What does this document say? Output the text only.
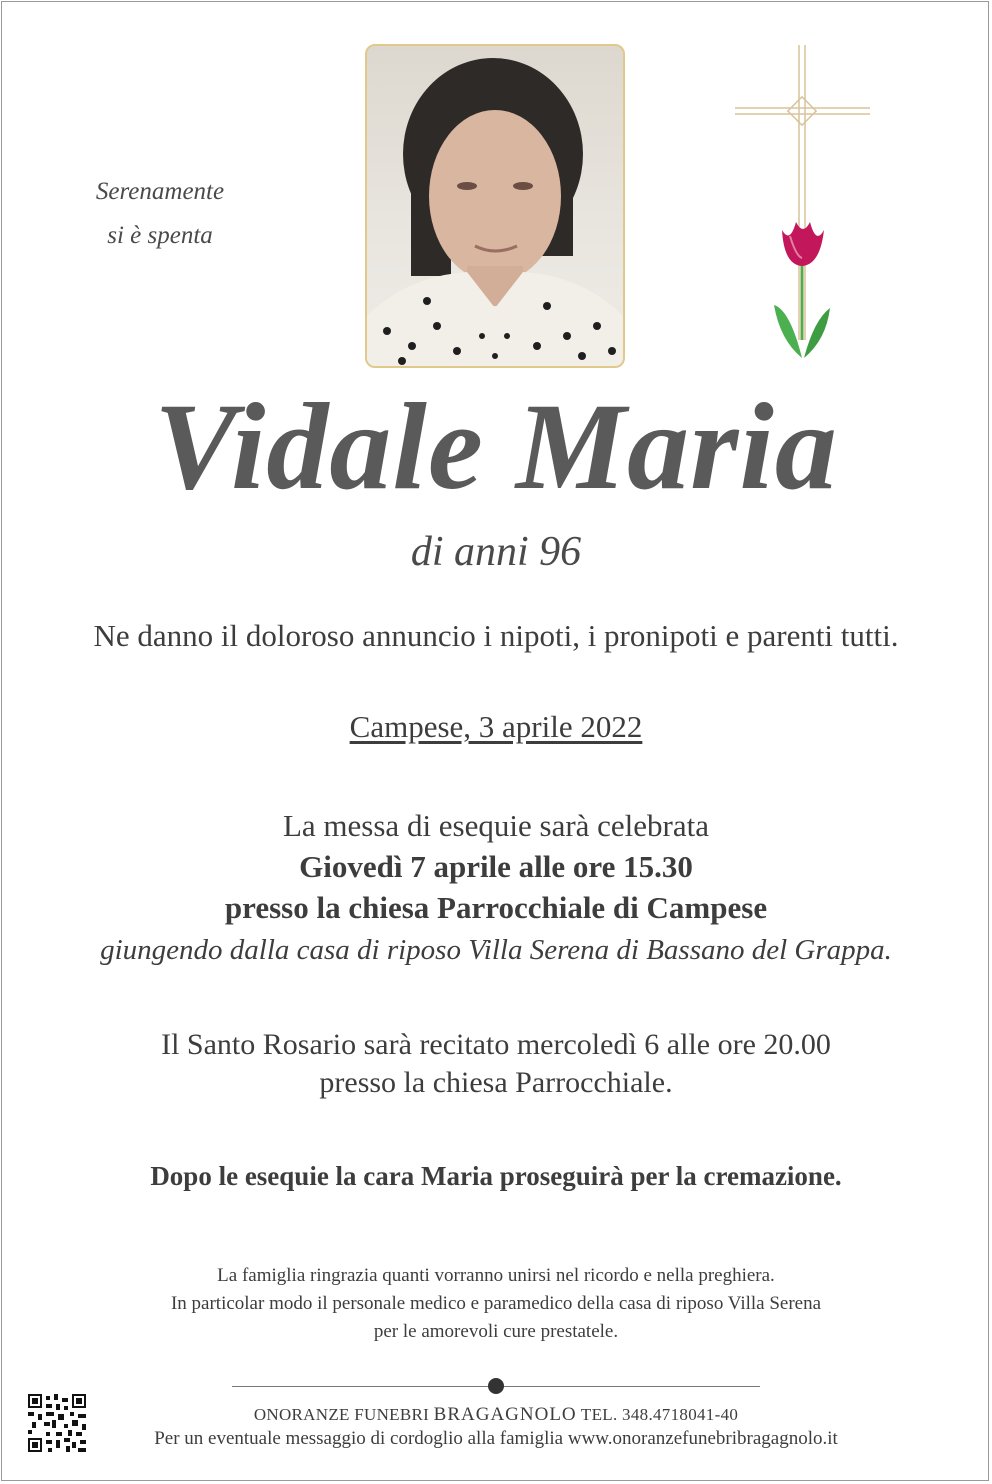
Serenamente
si è spenta
Vidale Maria
di anni 96
Ne danno il doloroso annuncio i nipoti, i pronipoti e parenti tutti.
Campese, 3 aprile 2022
La messa di esequie sarà celebrata
Giovedì 7 aprile alle ore 15.30
presso la chiesa Parrocchiale di Campese
giungendo dalla casa di riposo Villa Serena di Bassano del Grappa.
Il Santo Rosario sarà recitato mercoledì 6 alle ore 20.00
presso la chiesa Parrocchiale.
Dopo le esequie la cara Maria proseguirà per la cremazione.
La famiglia ringrazia quanti vorranno unirsi nel ricordo e nella preghiera.
In particolar modo il personale medico e paramedico della casa di riposo Villa Serena
per le amorevoli cure prestatele.
ONORANZE FUNEBRI BRAGAGNOLO TEL. 348.4718041-40
Per un eventuale messaggio di cordoglio alla famiglia www.onoranzefunebribragagnolo.it
